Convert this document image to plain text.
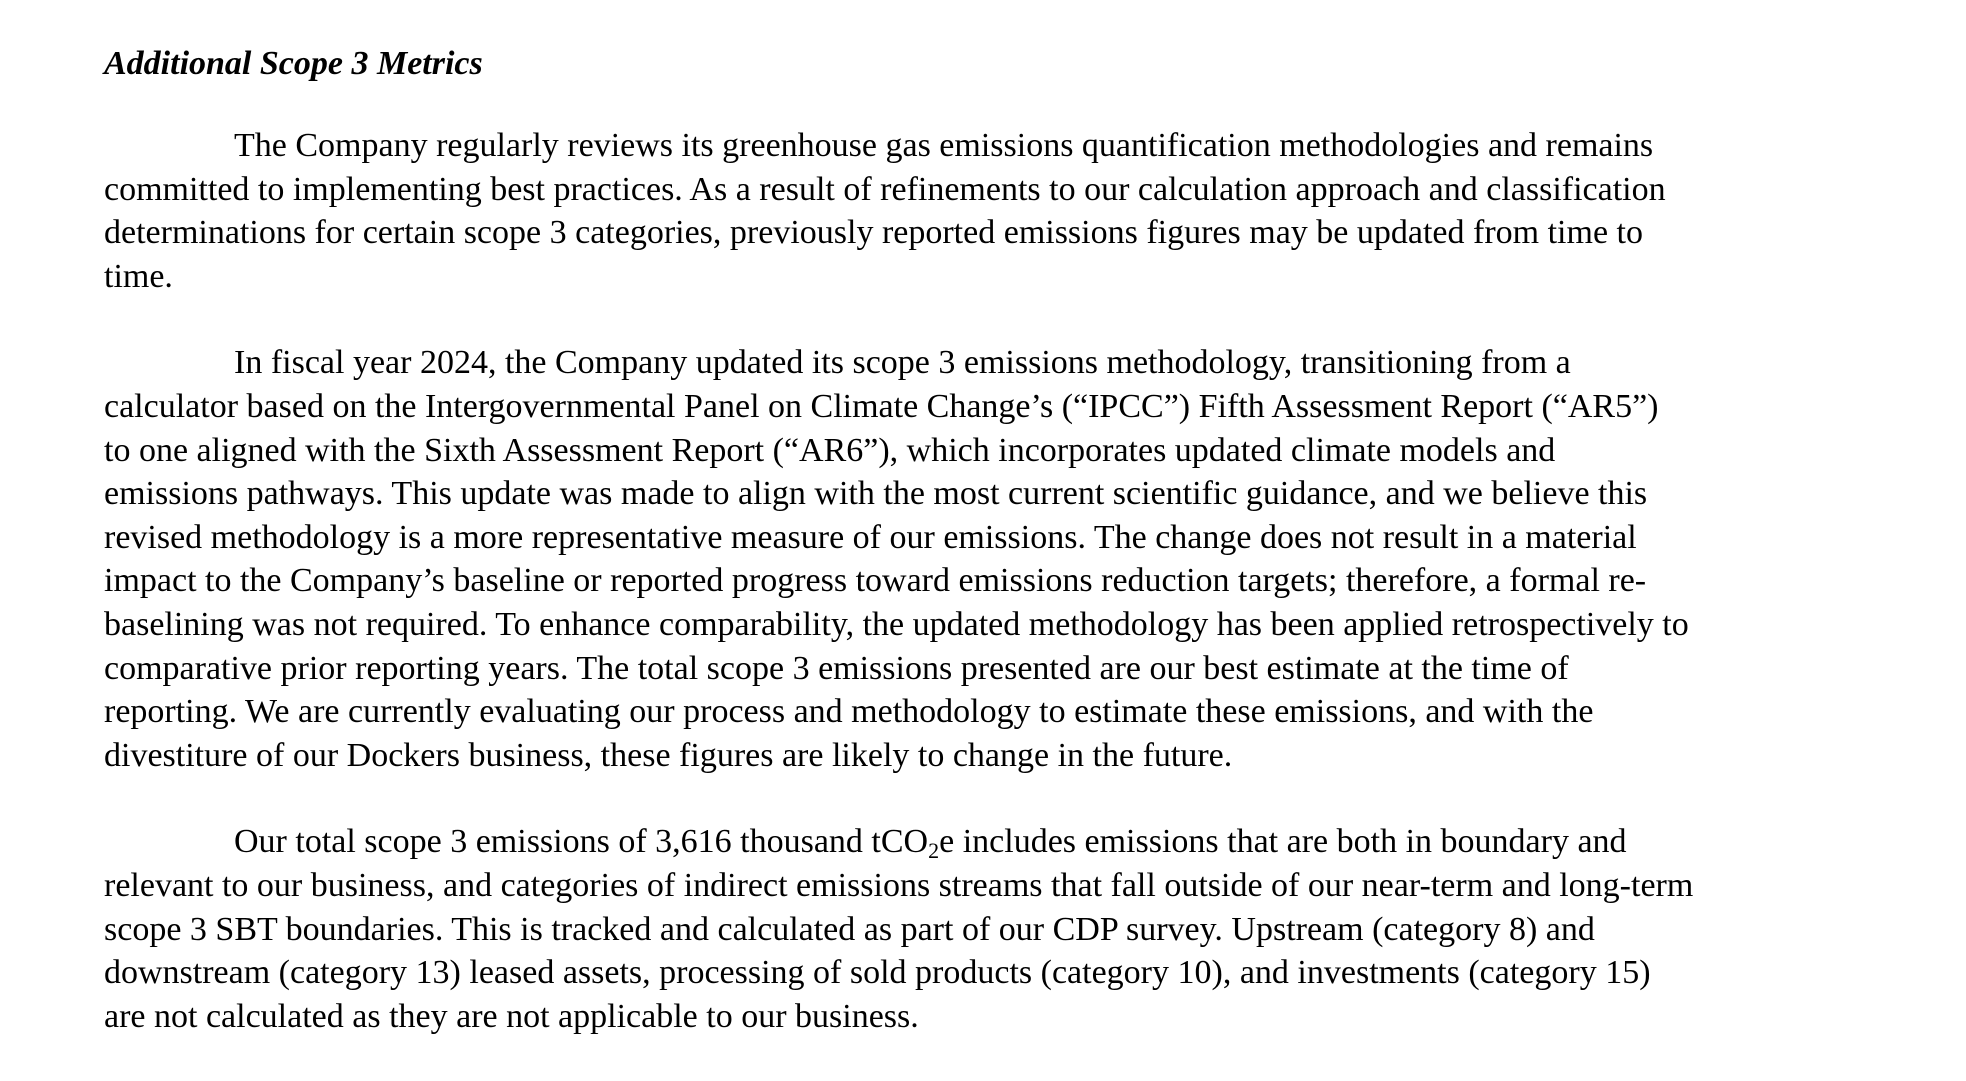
Additional Scope 3 Metrics
The Company regularly reviews its greenhouse gas emissions quantification methodologies and remains
committed to implementing best practices. As a result of refinements to our calculation approach and classification
determinations for certain scope 3 categories, previously reported emissions figures may be updated from time to
time.
In fiscal year 2024, the Company updated its scope 3 emissions methodology, transitioning from a
calculator based on the Intergovernmental Panel on Climate Change’s (“IPCC”) Fifth Assessment Report (“AR5”)
to one aligned with the Sixth Assessment Report (“AR6”), which incorporates updated climate models and
emissions pathways. This update was made to align with the most current scientific guidance, and we believe this
revised methodology is a more representative measure of our emissions. The change does not result in a material
impact to the Company’s baseline or reported progress toward emissions reduction targets; therefore, a formal re-
baselining was not required. To enhance comparability, the updated methodology has been applied retrospectively to
comparative prior reporting years. The total scope 3 emissions presented are our best estimate at the time of
reporting. We are currently evaluating our process and methodology to estimate these emissions, and with the
divestiture of our Dockers business, these figures are likely to change in the future.
Our total scope 3 emissions of 3,616 thousand tCO$_2$e includes emissions that are both in boundary and
relevant to our business, and categories of indirect emissions streams that fall outside of our near-term and long-term
scope 3 SBT boundaries. This is tracked and calculated as part of our CDP survey. Upstream (category 8) and
downstream (category 13) leased assets, processing of sold products (category 10), and investments (category 15)
are not calculated as they are not applicable to our business.
